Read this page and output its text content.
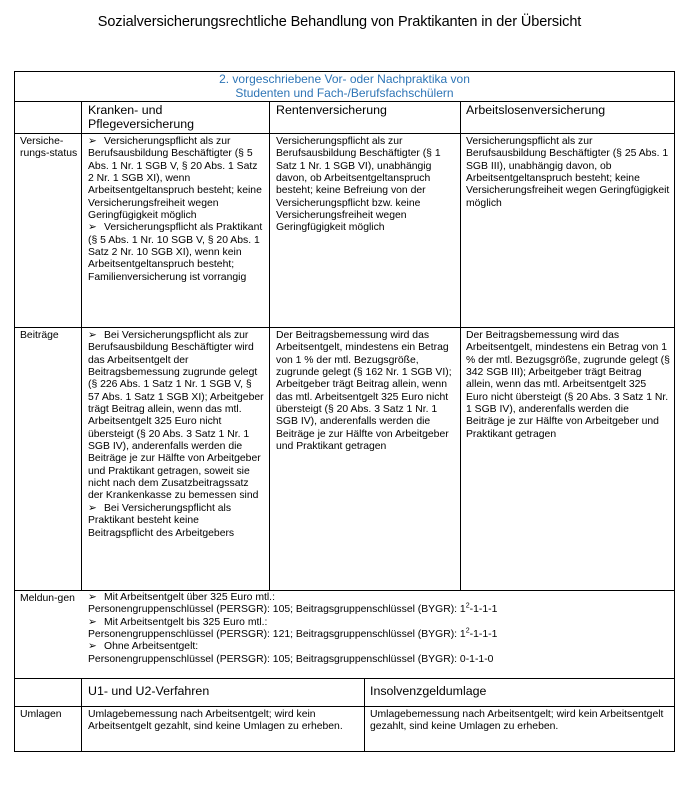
Sozialversicherungsrechtliche Behandlung von Praktikanten in der Übersicht
2. vorgeschriebene Vor- oder Nachpraktika von
Studenten und Fach-/Berufsfachschülern
Kranken- und Pflegeversicherung
Rentenversicherung	Arbeitslosenversicherung
Versiche-rungs-status
Beiträge
Meldun-gen
Umlagen

➢ Versicherungspflicht als zur Berufsausbildung Beschäftigter (§ 5 Abs. 1 Nr. 1 SGB V, § 20 Abs. 1 Satz 2 Nr. 1 SGB XI), wenn Arbeitsentgeltanspruch besteht; keine Versicherungsfreiheit wegen Geringfügigkeit möglich

➢ Versicherungspflicht als Praktikant (§ 5 Abs. 1 Nr. 10 SGB V, § 20 Abs. 1 Satz 2 Nr. 10 SGB XI), wenn kein Arbeitsentgeltanspruch besteht; Familienversicherung ist vorrangig

Versicherungspflicht als zur Berufsausbildung Beschäftigter (§ 1 Satz 1 Nr. 1 SGB VI), unabhängig davon, ob Arbeitsentgeltanspruch besteht; keine Befreiung von der Versicherungspflicht bzw. keine Versicherungsfreiheit wegen Geringfügigkeit möglich
Versicherungspflicht als zur Berufsausbildung Beschäftigter (§ 25 Abs. 1 SGB III), unabhängig davon, ob Arbeitsentgeltanspruch besteht; keine Versicherungsfreiheit wegen Geringfügigkeit möglich

➢ Bei Versicherungspflicht als zur Berufsausbildung Beschäftigter wird das Arbeitsentgelt der Beitragsbemessung zugrunde gelegt (§ 226 Abs. 1 Satz 1 Nr. 1 SGB V, § 57 Abs. 1 Satz 1 SGB XI); Arbeitgeber trägt Beitrag allein, wenn das mtl. Arbeitsentgelt 325 Euro nicht übersteigt (§ 20 Abs. 3 Satz 1 Nr. 1 SGB IV), anderenfalls werden die Beiträge je zur Hälfte von Arbeitgeber und Praktikant getragen, soweit sie nicht nach dem Zusatzbeitragssatz der Krankenkasse zu bemessen sind

➢ Bei Versicherungspflicht als Praktikant besteht keine Beitragspflicht des Arbeitgebers

Der Beitragsbemessung wird das Arbeitsentgelt, mindestens ein Betrag von 1 % der mtl. Bezugsgröße, zugrunde gelegt (§ 162 Nr. 1 SGB VI); Arbeitgeber trägt Beitrag allein, wenn das mtl. Arbeitsentgelt 325 Euro nicht übersteigt (§ 20 Abs. 3 Satz 1 Nr. 1 SGB IV), anderenfalls werden die Beiträge je zur Hälfte von Arbeitgeber und Praktikant getragen
Der Beitragsbemessung wird das Arbeitsentgelt, mindestens ein Betrag von 1 % der mtl. Bezugsgröße, zugrunde gelegt (§ 342 SGB III); Arbeitgeber trägt Beitrag allein, wenn das mtl. Arbeitsentgelt 325 Euro nicht übersteigt (§ 20 Abs. 3 Satz 1 Nr. 1 SGB IV), anderenfalls werden die Beiträge je zur Hälfte von Arbeitgeber und Praktikant getragen

➢ Mit Arbeitsentgelt über 325 Euro mtl.:

Personengruppenschlüssel (PERSGR): 105; Beitragsgruppenschlüssel (BYGR): $1^2-1-1-1$

➢ Mit Arbeitsentgelt bis 325 Euro mtl.:

Personengruppenschlüssel (PERSGR): 121; Beitragsgruppenschlüssel (BYGR): $1^2-1-1-1$

➢ Ohne Arbeitsentgelt:

Personengruppenschlüssel (PERSGR): 105; Beitragsgruppenschlüssel (BYGR): 0-1-1-0

U1- und U2-Verfahren	Insolvenzgeldumlage
Umlagebemessung nach Arbeitsentgelt; wird kein Arbeitsentgelt gezahlt, sind keine Umlagen zu erheben.
Umlagebemessung nach Arbeitsentgelt; wird kein Arbeitsentgelt gezahlt, sind keine Umlagen zu erheben.
